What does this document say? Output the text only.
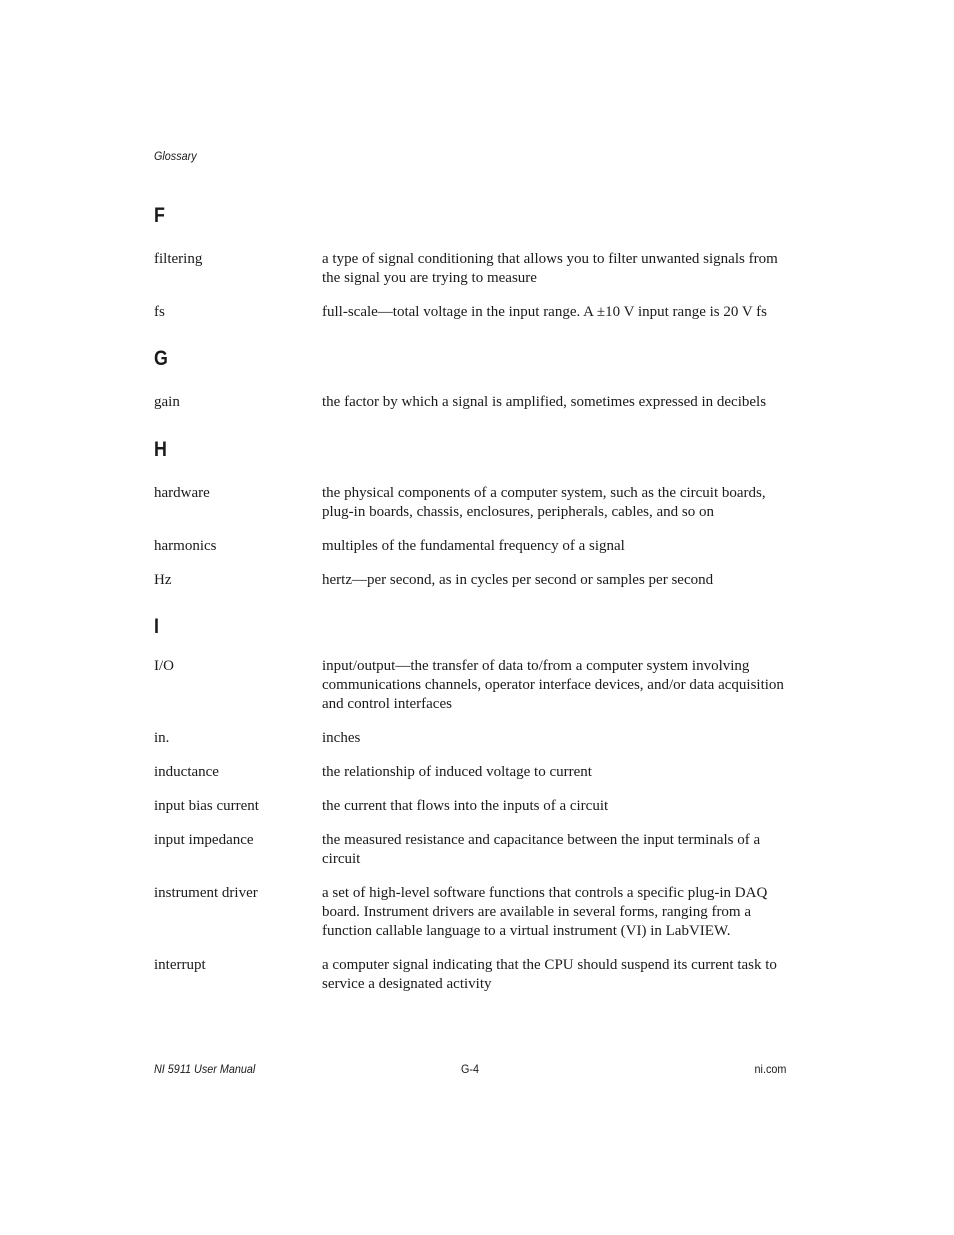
Glossary
F
filtering	a type of signal conditioning that allows you to filter unwanted signals from the signal you are trying to measure
fs	full-scale—total voltage in the input range. A ±10 V input range is 20 V fs
G
gain	the factor by which a signal is amplified, sometimes expressed in decibels
H
hardware	the physical components of a computer system, such as the circuit boards, plug-in boards, chassis, enclosures, peripherals, cables, and so on
harmonics	multiples of the fundamental frequency of a signal
Hz	hertz—per second, as in cycles per second or samples per second
I
I/O	input/output—the transfer of data to/from a computer system involving communications channels, operator interface devices, and/or data acquisition and control interfaces
in.	inches
inductance	the relationship of induced voltage to current
input bias current	the current that flows into the inputs of a circuit
input impedance	the measured resistance and capacitance between the input terminals of a circuit
instrument driver	a set of high-level software functions that controls a specific plug-in DAQ board. Instrument drivers are available in several forms, ranging from a function callable language to a virtual instrument (VI) in LabVIEW.
interrupt	a computer signal indicating that the CPU should suspend its current task to service a designated activity
NI 5911 User Manual	G-4	ni.com
